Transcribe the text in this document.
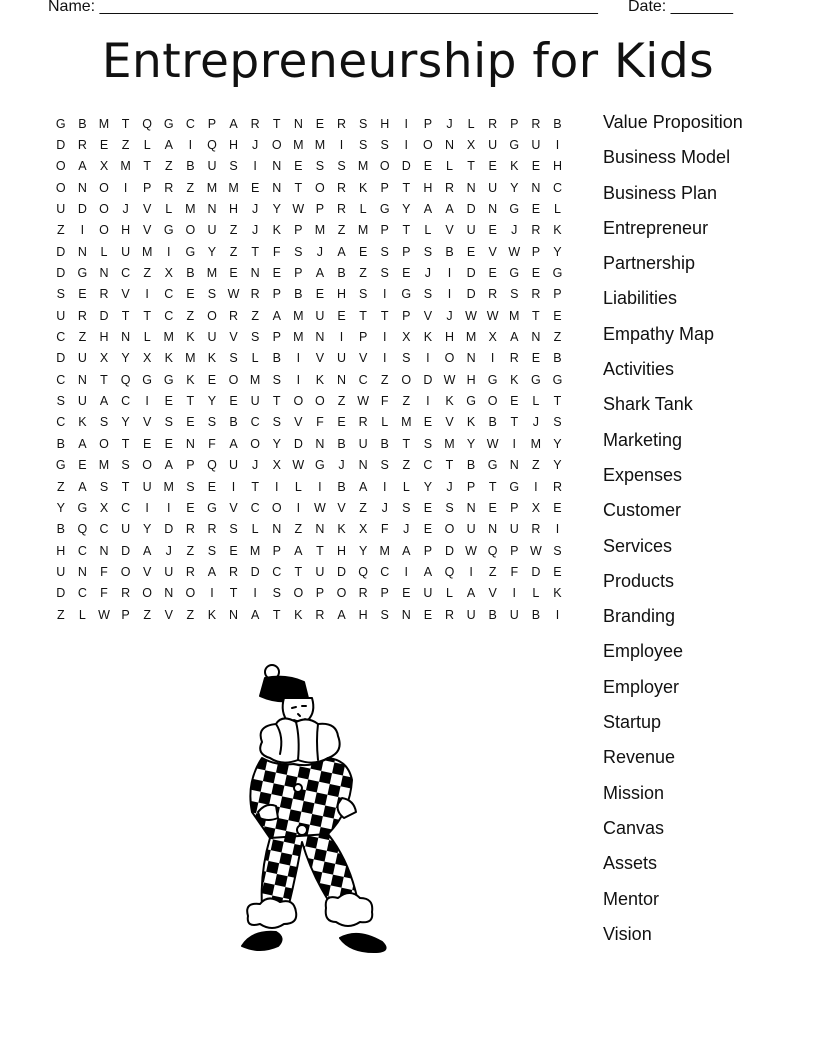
Name: ________________________________________________________ Date: _______
Entrepreneurship for Kids
G	B M	T	Q G C	P	A	R	T	N	E	R	S	H	I	P	J	L	R	P	R	B
D	R	E	Z	L	A	I	Q H	J	O M M	I	S	S	I	O N	X	U G U	I
O	A	X M	T	Z	B	U	S	I	N	E	S	S M O D	E	L	T	E	K	E	H
O N O	I	P	R	Z	M M E	N	T	O R	K	P	T	H	R	N	U	Y	N	C
U	D O	J	V	L	M N	H	J	Y W P	R	L	G	Y	A	A	D	N G	E	L
Z	I	O H	V	G O U	Z	J	K	P M	Z	M P	T	L	V	U	E	J	R	K
D	N	L	U M	I	G	Y	Z	T	F	S	J	A	E	S	P	S	B	E	V W P	Y
D G N	C	Z	X	B M E	N	E	P	A	B	Z	S	E	J	I	D	E	G	E	G
S	E	R	V	I	C	E	S W R	P	B	E	H	S	I	G	S	I	D	R	S	R	P
U	R	D	T	T	C	Z	O R	Z	A M U	E	T	T	P	V	J	W W M	T	E
C	Z	H	N	L	M K	U	V	S	P M N	I	P	I	X	K	H M X	A	N	Z
D	U	X	Y	X	K M K	S	L	B	I	V	U	V	I	S	I	O N	I	R	E	B
C	N	T	Q G G	K	E	O M S	I	K	N	C	Z	O D W H G	K	G G
S	U	A	C	I	E	T	Y	E	U	T	O O	Z W F	Z	I	K	G O	E	L	T
C	K	S	Y	V	S	E	S	B	C	S	V	F	E	R	L	M E	V	K	B	T	J	S
B	A	O	T	E	E	N	F	A	O	Y	D	N	B	U	B	T	S M Y W	I	M Y
G	E M S	O	A	P	Q U	J	X W G	J	N	S	Z	C	T	B	G N	Z	Y
Z	A	S	T	U M S	E	I	T	I	L	I	B	A	I	L	Y	J	P	T	G	I	R
Y	G	X	C	I	I	E	G	V	C O	I	W V	Z	J	S	E	S	N	E	P	X	E
B	Q C	U	Y	D	R	R	S	L	N	Z	N	K	X	F	J	E	O U	N	U	R	I
H	C	N	D	A	J	Z	S	E M P	A	T	H	Y M A	P	D W Q	P W S
U	N	F	O	V	U	R	A	R	D	C	T	U	D Q C	I	A	Q	I	Z	F	D	E
D	C	F	R O N O	I	T	I	S	O	P	O R	P	E	U	L	A	V	I	L	K
Z	L W P	Z	V	Z	K	N	A	T	K	R	A	H	S	N	E	R	U	B	U	B	I
Value Proposition
Business Model
Business Plan
Entrepreneur
Partnership
Liabilities
Empathy Map
Activities
Shark Tank
Marketing
Expenses
Customer
Services
Products
Branding
Employee
Employer
Startup
Revenue
Mission
Canvas
Assets
Mentor
Vision
